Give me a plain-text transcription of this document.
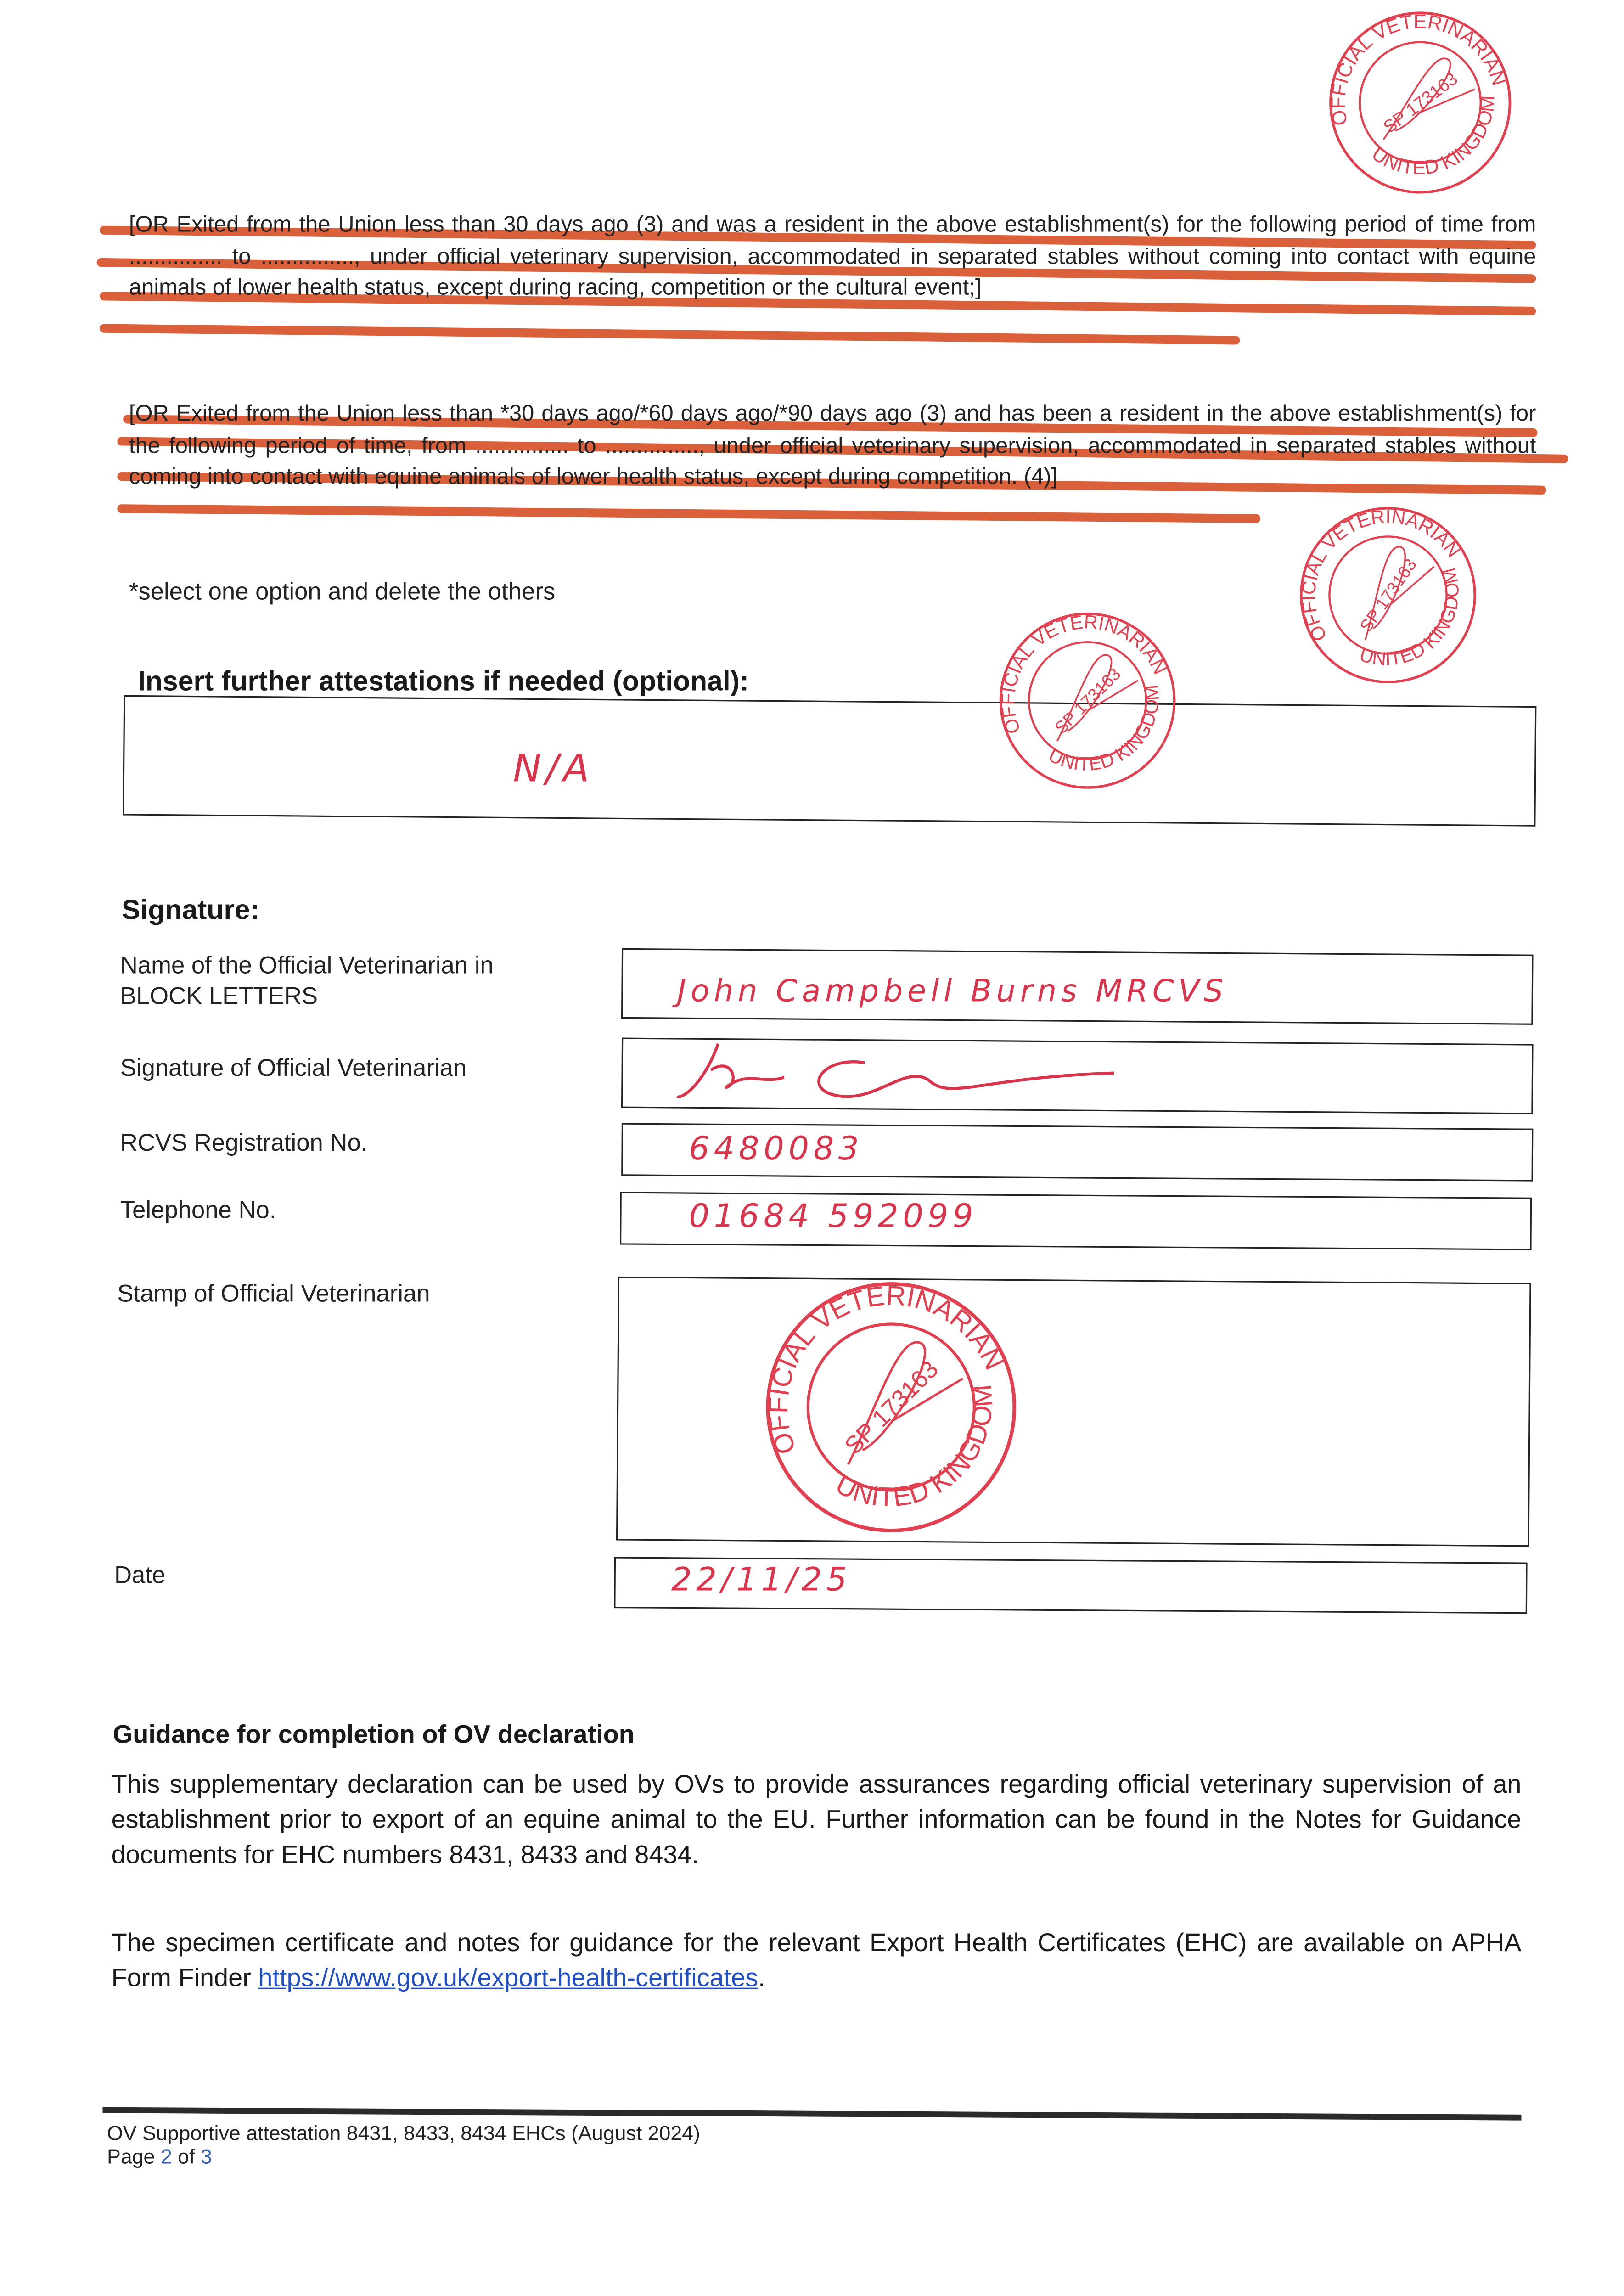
[OR Exited from the Union less than 30 days ago (3) and was a resident in the above establishment(s) for the following period of time from ............... to ..............., under official veterinary supervision, accommodated in separated stables without coming into contact with equine animals of lower health status, except during racing, competition or the cultural event;]
[OR Exited from the Union less than *30 days ago/*60 days ago/*90 days ago (3) and has been a resident in the above establishment(s) for the following period of time, from ............... to ..............., under official veterinary supervision, accommodated in separated stables without coming into contact with equine animals of lower health status, except during competition. (4)]
*select one option and delete the others
Insert further attestations if needed (optional):
N/A
Signature:
Name of the Official Veterinarian in BLOCK LETTERS	John Campbell Burns MRCVS
Signature of Official Veterinarian
RCVS Registration No.	6480083
Telephone No.	01684 592099
Stamp of Official Veterinarian
Date	22/11/25
OFFICIAL VETERINARIAN
UNITED KINGDOM
SP 173163
OFFICIAL VETERINARIAN
UNITED KINGDOM
SP 173163
OFFICIAL VETERINARIAN
UNITED KINGDOM
SP 173163
OFFICIAL VETERINARIAN
UNITED KINGDOM
SP 173163
Guidance for completion of OV declaration
This supplementary declaration can be used by OVs to provide assurances regarding official veterinary supervision of an establishment prior to export of an equine animal to the EU. Further information can be found in the Notes for Guidance documents for EHC numbers 8431, 8433 and 8434.
The specimen certificate and notes for guidance for the relevant Export Health Certificates (EHC) are available on APHA Form Finder https://www.gov.uk/export-health-certificates.
OV Supportive attestation 8431, 8433, 8434 EHCs (August 2024)
Page 2 of 3
